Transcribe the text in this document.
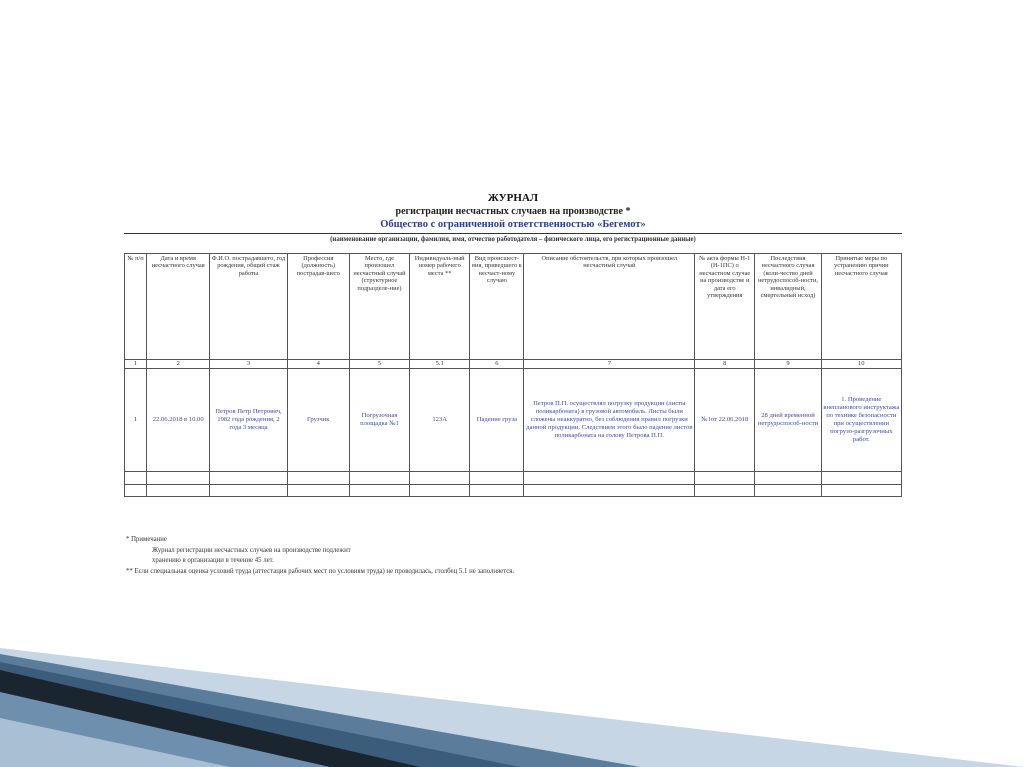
ЖУРНАЛ
регистрации несчастных случаев на производстве *
Общество с ограниченной ответственностью «Бегемот»
(наименование организации, фамилия, имя, отчество работодателя – физического лица, его регистрационные данные)
№ п/п	Дата и время несчастного случая	Ф.И.О. пострадавшего, год рождения, общий стаж работы	Профессия (должность) пострадав-шего	Место, где произошел несчастный случай (структурное подразделе-ние)	Индивидуаль-ный номер рабочего места **	Вид происшест-вия, приведшего к несчаст-ному случаю	Описание обстоятельств, при которых произошел несчастный случай	№ акта формы Н-1 (Н-1ПС) о несчастном случае на производстве и дата его утверждения	Последствия несчастного случая (коли-чество дней нетрудоспособ-ности, инвалидный, смертельный исход)	Принятые меры по устранению причин несчастного случая
1	2	3	4	5	5.1	6	7	8	9	10
1	22.06.2018 в 10.00	Петров Петр Петрович, 1982 года рождения, 2 года 3 месяца	Грузчик	Погрузочная площадка №1	123А	Падение груза	Петров П.П. осуществлял погрузку продукции (листы поликарбоната) в грузовой автомобиль. Листы были сложены неаккуратно, без соблюдения правил погрузки данной продукции. Следствием этого было падение листов поликарбоната на голову Петрова П.П.	№1от 22.06.2018	28 дней временной нетрудоспособ-ности	1. Проведение внепланового инструктажа по технике безопасности при осуществлении погрузо-разгрузочных работ.

* Примечание
Журнал регистрации несчастных случаев на производстве подлежит
хранению в организации в течение 45 лет.
** Если специальная оценка условий труда (аттестация рабочих мест по условиям труда) не проводилась, столбец 5.1 не заполняется.
